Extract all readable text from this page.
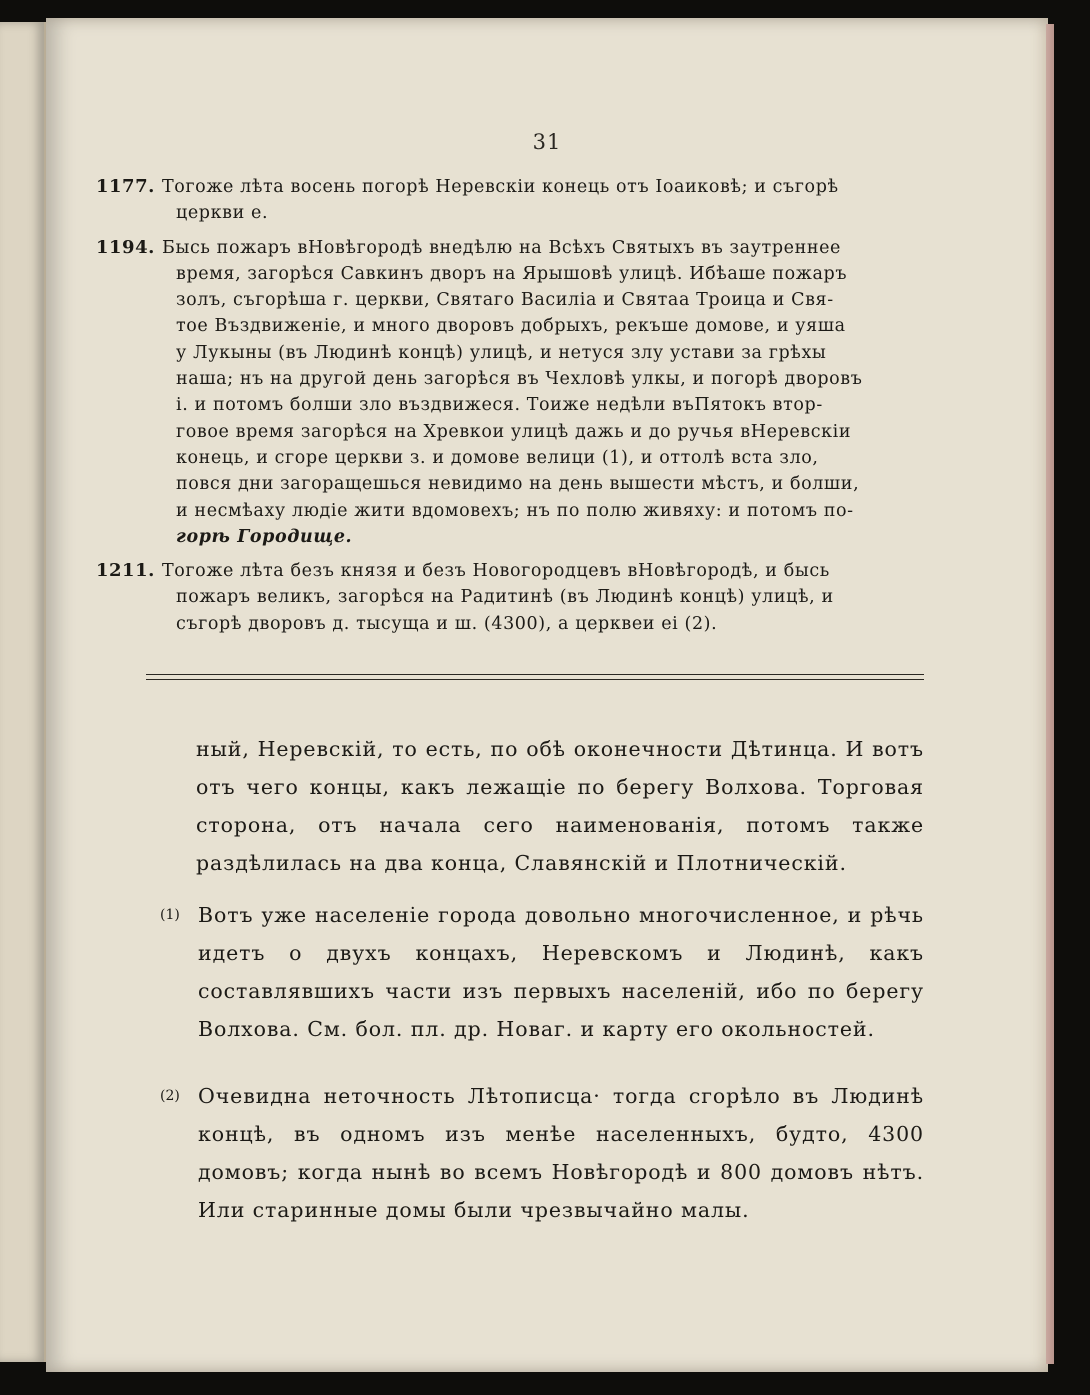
31
1177. Тогоже лѣта восень погорѣ Неревскіи конець отъ Іоаиковѣ; и съгорѣ
церкви е.
1194. Бысь пожаръ вНовѣгородѣ внедѣлю на Всѣхъ Святыхъ въ заутреннее
время, загорѣся Савкинъ дворъ на Ярышовѣ улицѣ. Ибѣаше пожаръ
золъ, съгорѣша г. церкви, Святаго Василіа и Святаа Троица и Свя-
тое Въздвиженіе, и много дворовъ добрыхъ, рекъше домове, и уяша
у Лукыны (въ Людинѣ концѣ) улицѣ, и нетуся злу устави за грѣхы
наша; нъ на другой день загорѣся въ Чехловѣ улкы, и погорѣ дворовъ
і. и потомъ болши зло въздвижеся. Тоиже недѣли въПятокъ втор-
говое время загорѣся на Хревкои улицѣ дажь и до ручья вНеревскіи
конець, и сгоре церкви з. и домове велици (1), и оттолѣ вста зло,
повся дни загоращешься невидимо на день вышести мѣстъ, и болши,
и несмѣаху людіе жити вдомовехъ; нъ по полю живяху: и потомъ по-
горѣ Городище.
1211. Тогоже лѣта безъ князя и безъ Новогородцевъ вНовѣгородѣ, и бысь
пожаръ великъ, загорѣся на Радитинѣ (въ Людинѣ концѣ) улицѣ, и
съгорѣ дворовъ д. тысуща и ш. (4300), а церквеи еі (2).

ный, Неревскій, то есть, по обѣ оконечности Дѣтинца. И вотъ отъ чего концы, какъ лежащіе по берегу Волхова. Торговая сторона, отъ начала сего наименованія, потомъ также раздѣлилась на два конца, Славянскій и Плотническій.

(1) Вотъ уже населеніе города довольно многочисленное, и рѣчь идетъ о двухъ концахъ, Неревскомъ и Людинѣ, какъ составлявшихъ части изъ первыхъ населеній, ибо по берегу Волхова. См. бол. пл. др. Новаг. и карту его окольностей.

(2) Очевидна неточность Лѣтописца· тогда сгорѣло въ Людинѣ концѣ, въ одномъ изъ менѣе населенныхъ, будто, 4300 домовъ; когда нынѣ во всемъ Новѣгородѣ и 800 домовъ нѣтъ. Или старинные домы были чрезвычайно малы.
